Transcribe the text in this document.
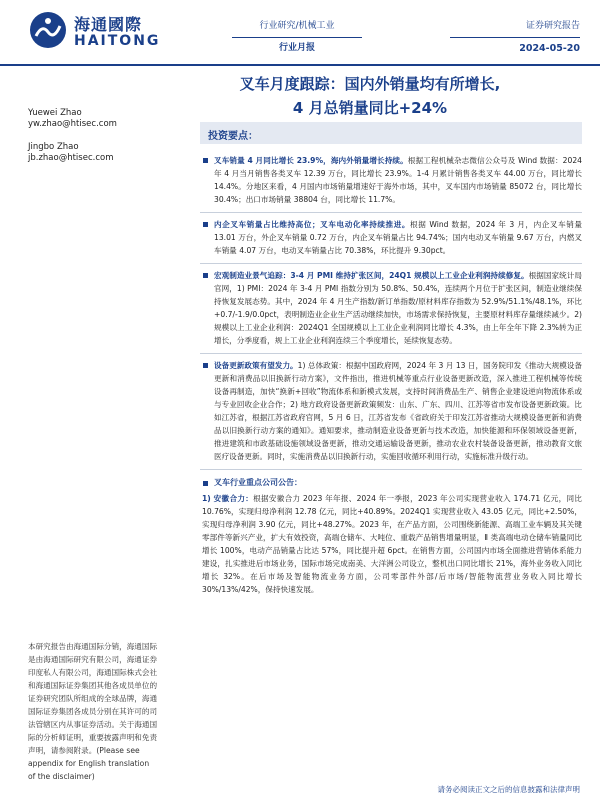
海通國際
HAITONG
行业研究/机械工业
行业月报
证券研究报告
2024-05-20
叉车月度跟踪：国内外销量均有所增长,
4 月总销量同比+24%
Yuewei Zhao
yw.zhao@htisec.com
Jingbo Zhao
jb.zhao@htisec.com
投资要点：
叉车销量 4 月同比增长 23.9%，海内外销量增长持续。根据工程机械杂志微信公众号及 Wind 数据：2024 年 4 月当月销售各类叉车 12.39 万台，同比增长 23.9%。1-4 月累计销售各类叉车 44.00 万台，同比增长 14.4%。分地区来看，4 月国内市场销量增速好于海外市场，其中，叉车国内市场销量 85072 台，同比增长 30.4%；出口市场销量 38804 台，同比增长 11.7%。
内企叉车销量占比维持高位；叉车电动化率持续推进。根据 Wind 数据，2024 年 3 月，内企叉车销量 13.01 万台，外企叉车销量 0.72 万台，内企叉车销量占比 94.74%；国内电动叉车销量 9.67 万台，内燃叉车销量 4.07 万台，电动叉车销量占比 70.38%，环比提升 9.30pct。
宏观制造业景气追踪：3-4 月 PMI 维持扩张区间，24Q1 规模以上工业企业利润持续修复。根据国家统计局官网，1) PMI：2024 年 3-4 月 PMI 指数分别为 50.8%、50.4%，连续两个月位于扩张区间，制造业继续保持恢复发展态势。其中，2024 年 4 月生产指数/新订单指数/原材料库存指数为 52.9%/51.1%/48.1%，环比+0.7/-1.9/0.0pct，表明制造业企业生产活动继续加快，市场需求保持恢复，主要原材料库存量继续减少。2) 规模以上工业企业利润：2024Q1 全国规模以上工业企业利润同比增长 4.3%，由上年全年下降 2.3%转为正增长，分季度看，规上工业企业利润连续三个季度增长，延续恢复态势。
设备更新政策有望发力。1) 总体政策：根据中国政府网，2024 年 3 月 13 日，国务院印发《推动大规模设备更新和消费品以旧换新行动方案》，文件指出，推进机械等重点行业设备更新改造，深入推进工程机械等传统设备再制造，加快“换新+回收”物流体系和新模式发展，支持时间消费品生产、销售企业建设逆向物流体系或与专业回收企业合作；2) 地方政府设备更新政策频发：山东、广东、四川、江苏等省市发布设备更新政策。比如江苏省，根据江苏省政府官网，5 月 6 日，江苏省发布《省政府关于印发江苏省推动大规模设备更新和消费品以旧换新行动方案的通知》。通知要求，推动制造业设备更新与技术改造，加快能源和环保领域设备更新，推进建筑和市政基础设施领域设备更新，推动交通运输设备更新，推动农业农村装备设备更新，推动教育文旅医疗设备更新。同时，实施消费品以旧换新行动，实施回收循环利用行动，实施标准升级行动。
叉车行业重点公司公告：
1) 安徽合力：根据安徽合力 2023 年年报、2024 年一季报，2023 年公司实现营业收入 174.71 亿元，同比 10.76%，实现归母净利润 12.78 亿元，同比+40.89%。2024Q1 实现营业收入 43.05 亿元，同比+2.50%，实现归母净利润 3.90 亿元，同比+48.27%。2023 年，在产品方面，公司围绕新能源、高端工业车辆及其关键零部件等新兴产业，扩大有效投资，高端仓储车、大吨位、重载产品销售增量明显，Ⅱ 类高端电动仓储车销量同比增长 100%，电动产品销量占比达 57%，同比提升超 6pct。在销售方面，公司国内市场全面推进营销体系能力建设，扎实推进后市场业务，国际市场完成南美、大洋洲公司设立，整机出口同比增长 21%，海外业务收入同比增长 32%。在后市场及智能物流业务方面，公司零部件外部/后市场/智能物流营业务收入同比增长 30%/13%/42%，保持快速发展。
本研究报告由海通国际分销，海通国际是由海通国际研究有限公司，海通证券印度私人有限公司，海通国际株式会社和海通国际证券集团其他各成员单位的证券研究团队所组成的全球品牌，海通国际证券集团各成员分别在其许可的司法管辖区内从事证券活动。关于海通国际的分析师证明，重要披露声明和免责声明，请参阅附录。(Please see appendix for English translation of the disclaimer)
请务必阅读正文之后的信息披露和法律声明
